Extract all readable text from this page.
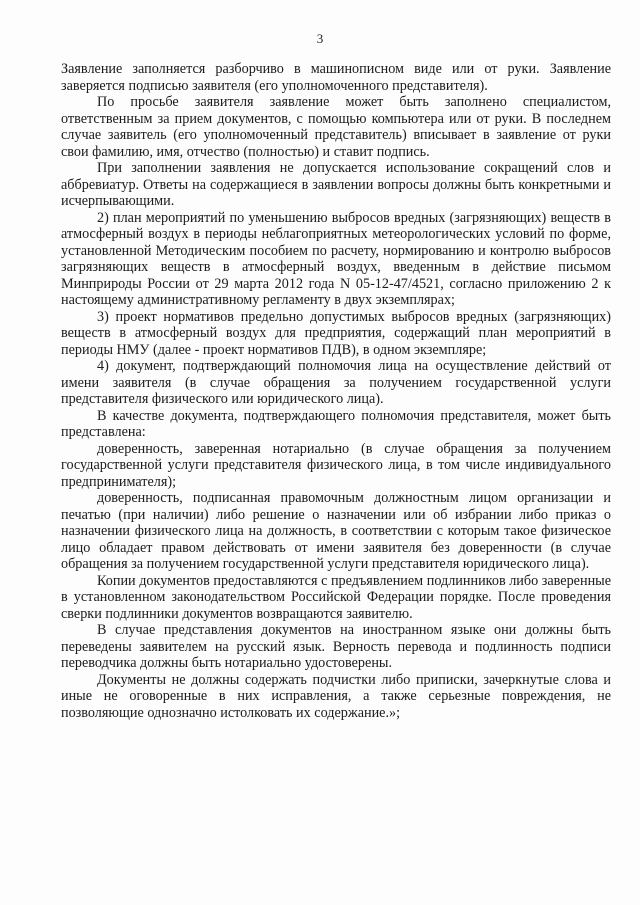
3

Заявление заполняется разборчиво в машинописном виде или от руки. Заявление заверяется подписью заявителя (его уполномоченного представителя).

По просьбе заявителя заявление может быть заполнено специалистом, ответственным за прием документов, с помощью компьютера или от руки. В последнем случае заявитель (его уполномоченный представитель) вписывает в заявление от руки свои фамилию, имя, отчество (полностью) и ставит подпись.

При заполнении заявления не допускается использование сокращений слов и аббревиатур. Ответы на содержащиеся в заявлении вопросы должны быть конкретными и исчерпывающими.

2) план мероприятий по уменьшению выбросов вредных (загрязняющих) веществ в атмосферный воздух в периоды неблагоприятных метеорологических условий по форме, установленной Методическим пособием по расчету, нормированию и контролю выбросов загрязняющих веществ в атмосферный воздух, введенным в действие письмом Минприроды России от 29 марта 2012 года N 05-12-47/4521, согласно приложению 2 к настоящему административному регламенту в двух экземплярах;

3) проект нормативов предельно допустимых выбросов вредных (загрязняющих) веществ в атмосферный воздух для предприятия, содержащий план мероприятий в периоды НМУ (далее - проект нормативов ПДВ), в одном экземпляре;

4) документ, подтверждающий полномочия лица на осуществление действий от имени заявителя (в случае обращения за получением государственной услуги представителя физического или юридического лица).

В качестве документа, подтверждающего полномочия представителя, может быть представлена:

доверенность, заверенная нотариально (в случае обращения за получением государственной услуги представителя физического лица, в том числе индивидуального предпринимателя);

доверенность, подписанная правомочным должностным лицом организации и печатью (при наличии) либо решение о назначении или об избрании либо приказ о назначении физического лица на должность, в соответствии с которым такое физическое лицо обладает правом действовать от имени заявителя без доверенности (в случае обращения за получением государственной услуги представителя юридического лица).

Копии документов предоставляются с предъявлением подлинников либо заверенные в установленном законодательством Российской Федерации порядке. После проведения сверки подлинники документов возвращаются заявителю.

В случае представления документов на иностранном языке они должны быть переведены заявителем на русский язык. Верность перевода и подлинность подписи переводчика должны быть нотариально удостоверены.

Документы не должны содержать подчистки либо приписки, зачеркнутые слова и иные не оговоренные в них исправления, а также серьезные повреждения, не позволяющие однозначно истолковать их содержание.»;
